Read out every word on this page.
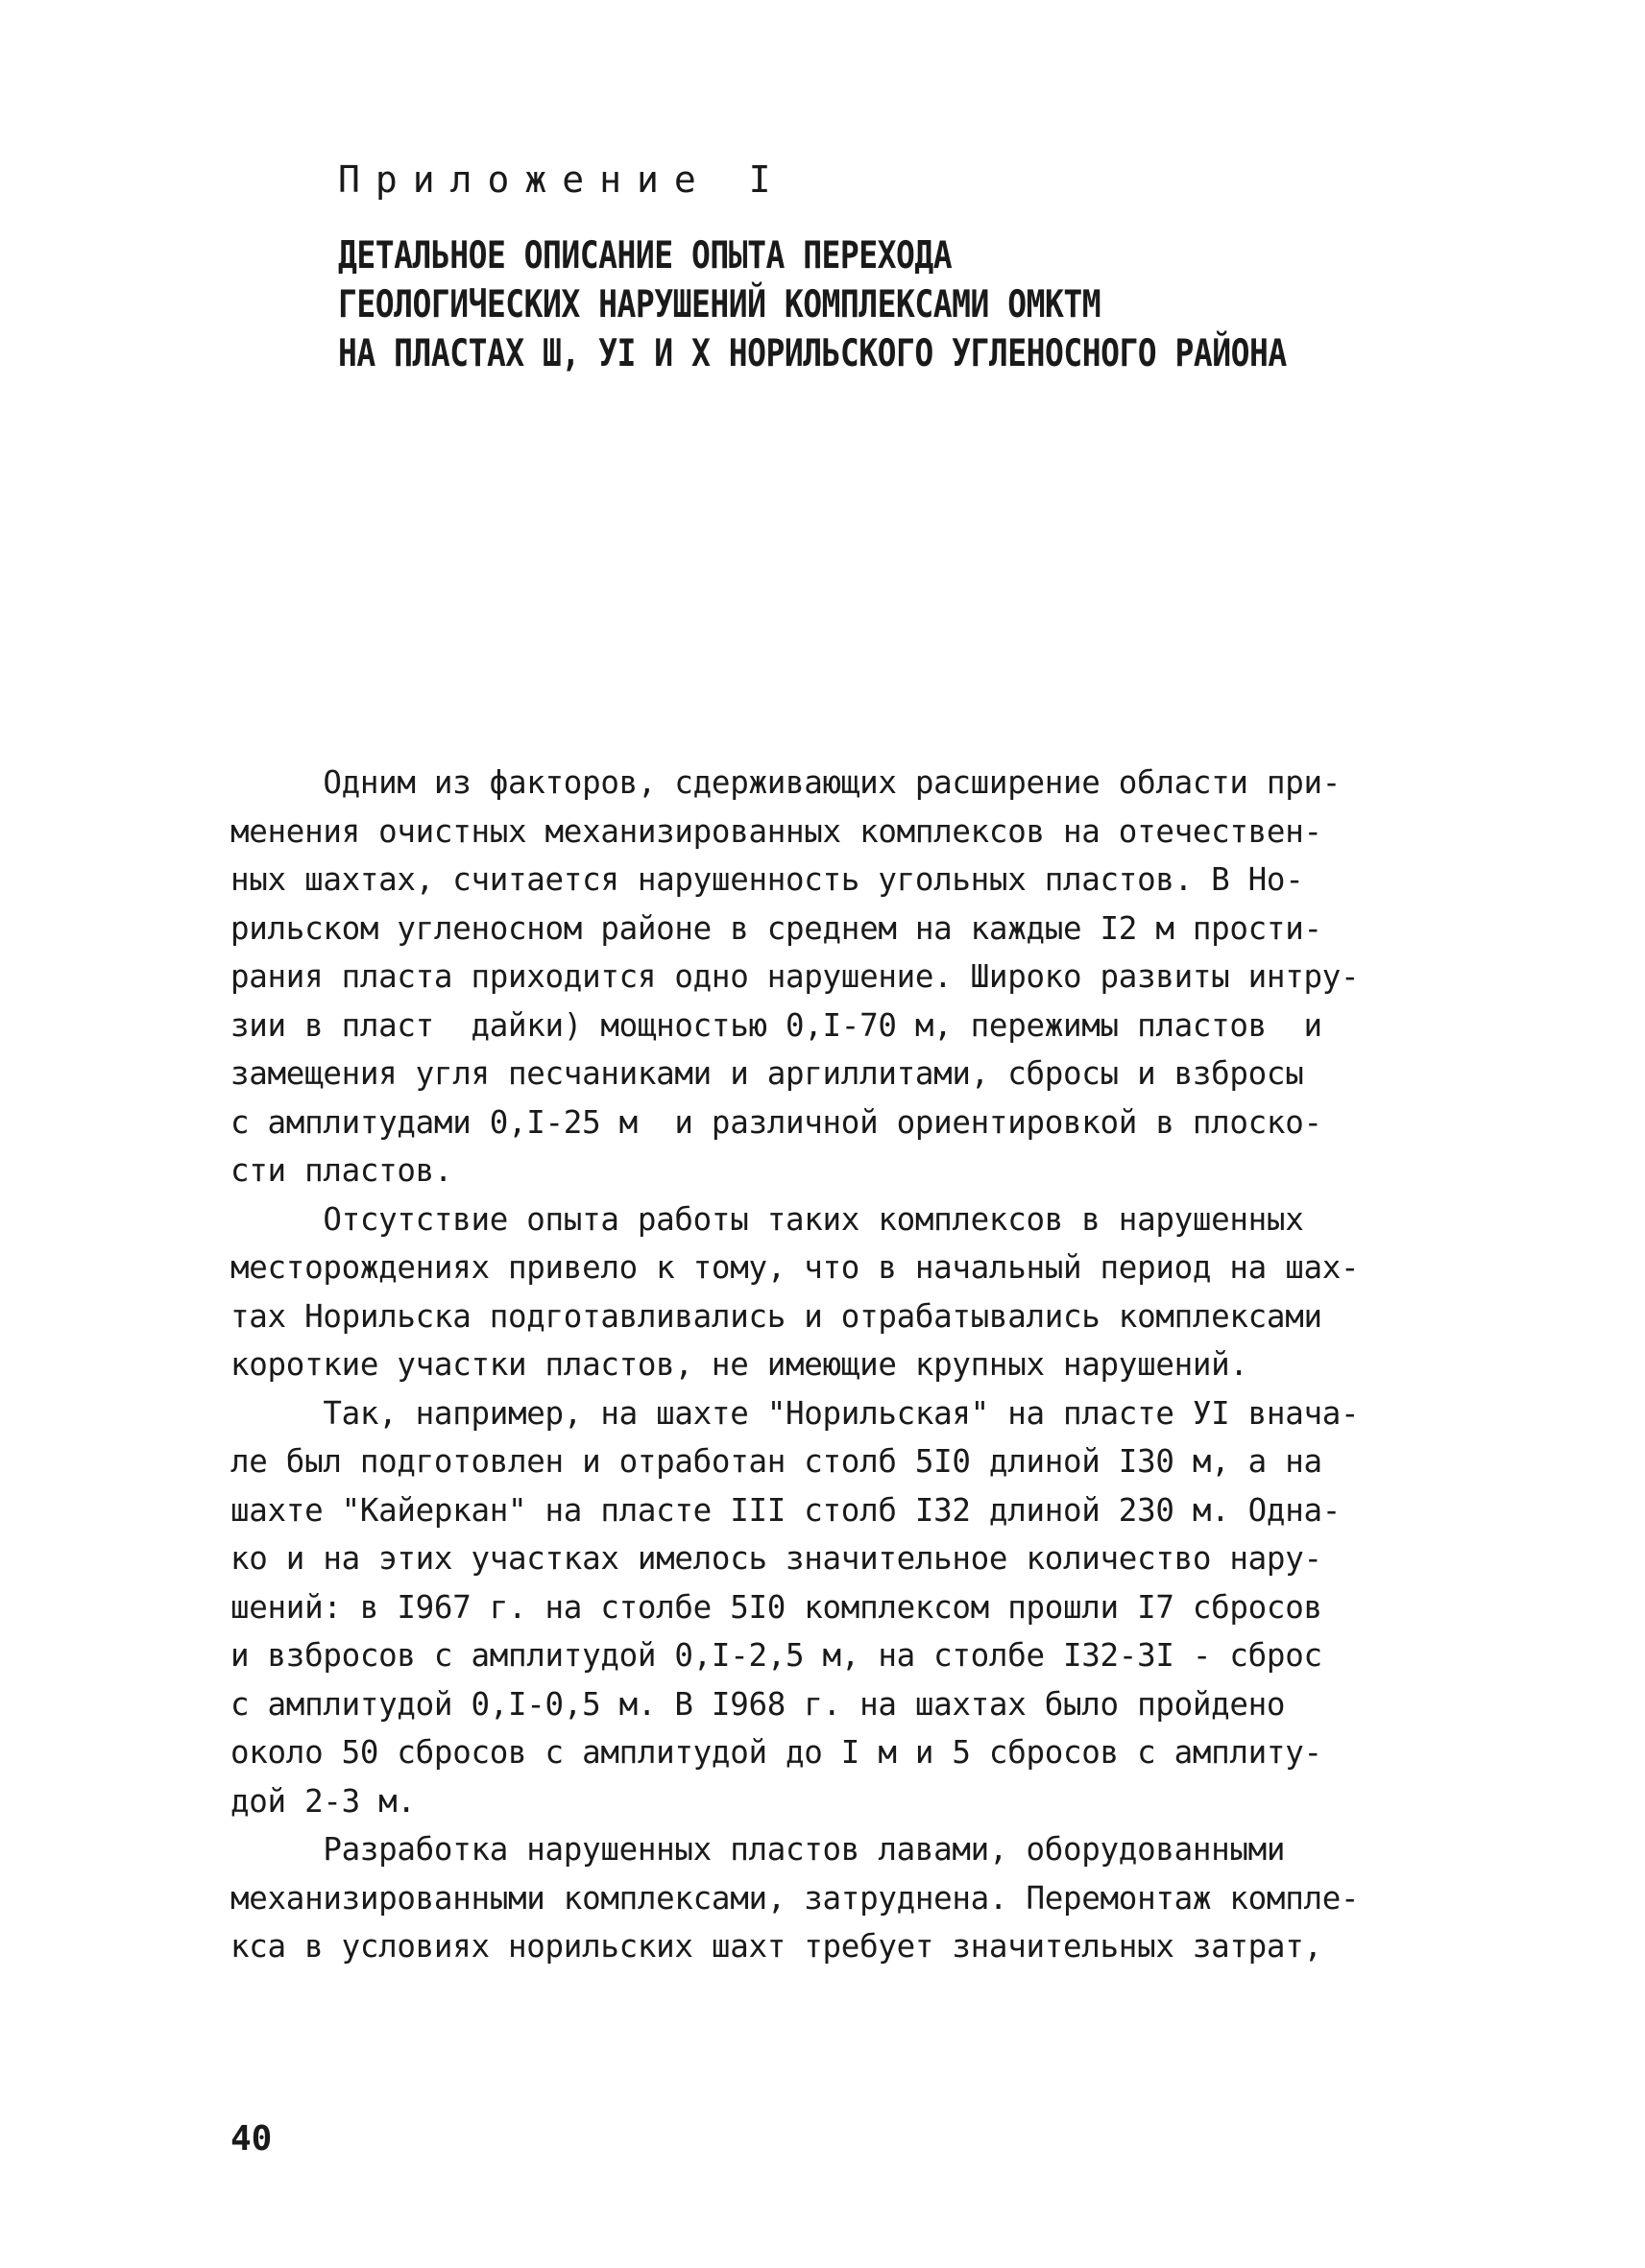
Приложение I
ДЕТАЛЬНОЕ ОПИСАНИЕ ОПЫТА ПЕРЕХОДА
ГЕОЛОГИЧЕСКИХ НАРУШЕНИЙ КОМПЛЕКСАМИ ОМКТМ
НА ПЛАСТАХ Ш, УI И Х НОРИЛЬСКОГО УГЛЕНОСНОГО РАЙОНА
Одним из факторов, сдерживающих расширение области при-
менения очистных механизированных комплексов на отечествен-
ных шахтах, считается нарушенность угольных пластов. В Но-
рильском угленосном районе в среднем на каждые I2 м прости-
рания пласта приходится одно нарушение. Широко развиты интру-
зии в пласт  дайки) мощностью 0,I-70 м, пережимы пластов  и
замещения угля песчаниками и аргиллитами, сбросы и взбросы
с амплитудами 0,I-25 м  и различной ориентировкой в плоско-
сти пластов.
Отсутствие опыта работы таких комплексов в нарушенных
месторождениях привело к тому, что в начальный период на шах-
тах Норильска подготавливались и отрабатывались комплексами
короткие участки пластов, не имеющие крупных нарушений.
Так, например, на шахте "Норильская" на пласте УI внача-
ле был подготовлен и отработан столб 5I0 длиной I30 м, а на
шахте "Кайеркан" на пласте III столб I32 длиной 230 м. Одна-
ко и на этих участках имелось значительное количество нару-
шений: в I967 г. на столбе 5I0 комплексом прошли I7 сбросов
и взбросов с амплитудой 0,I-2,5 м, на столбе I32-3I - сброс
с амплитудой 0,I-0,5 м. В I968 г. на шахтах было пройдено
около 50 сбросов с амплитудой до I м и 5 сбросов с амплиту-
дой 2-3 м.
Разработка нарушенных пластов лавами, оборудованными
механизированными комплексами, затруднена. Перемонтаж компле-
кса в условиях норильских шахт требует значительных затрат,
40
